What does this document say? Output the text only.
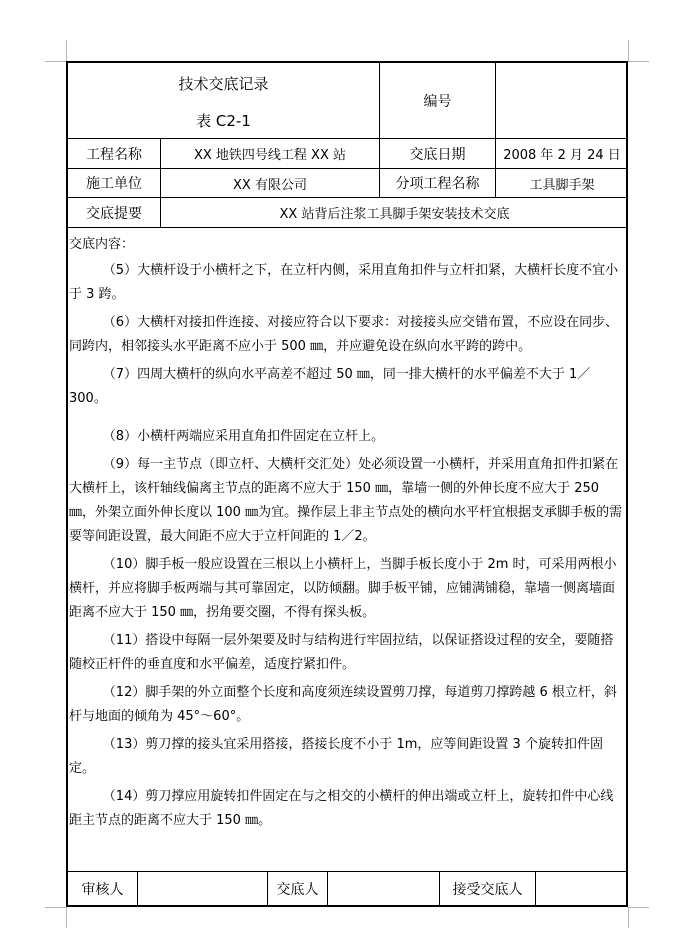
技术交底记录
表 C2-1
编号
工程名称	XX 地铁四号线工程 XX 站	交底日期	2008 年 2 月 24 日
施工单位	XX 有限公司	分项工程名称	工具脚手架
交底提要	XX 站背后注浆工具脚手架安装技术交底

交底内容：

（5）大横杆设于小横杆之下，在立杆内侧，采用直角扣件与立杆扣紧，大横杆长度不宜小于 3 跨。

（6）大横杆对接扣件连接、对接应符合以下要求：对接接头应交错布置，不应设在同步、同跨内，相邻接头水平距离不应小于 500 ㎜，并应避免设在纵向水平跨的跨中。

（7）四周大横杆的纵向水平高差不超过 50 ㎜，同一排大横杆的水平偏差不大于 1／300。

（8）小横杆两端应采用直角扣件固定在立杆上。

（9）每一主节点（即立杆、大横杆交汇处）处必须设置一小横杆，并采用直角扣件扣紧在大横杆上，该杆轴线偏离主节点的距离不应大于 150 ㎜，靠墙一侧的外伸长度不应大于 250 ㎜，外架立面外伸长度以 100 ㎜为宜。操作层上非主节点处的横向水平杆宜根据支承脚手板的需要等间距设置，最大间距不应大于立杆间距的 1／2。

（10）脚手板一般应设置在三根以上小横杆上，当脚手板长度小于 2m 时，可采用两根小横杆，并应将脚手板两端与其可靠固定，以防倾翻。脚手板平铺，应铺满铺稳，靠墙一侧离墙面距离不应大于 150 ㎜，拐角要交圈，不得有探头板。

（11）搭设中每隔一层外架要及时与结构进行牢固拉结，以保证搭设过程的安全，要随搭随校正杆件的垂直度和水平偏差，适度拧紧扣件。

（12）脚手架的外立面整个长度和高度须连续设置剪刀撑，每道剪刀撑跨越 6 根立杆，斜杆与地面的倾角为 45°～60°。

（13）剪刀撑的接头宜采用搭接，搭接长度不小于 1m，应等间距设置 3 个旋转扣件固定。

（14）剪刀撑应用旋转扣件固定在与之相交的小横杆的伸出端或立杆上，旋转扣件中心线距主节点的距离不应大于 150 ㎜。

审核人	交底人	接受交底人
